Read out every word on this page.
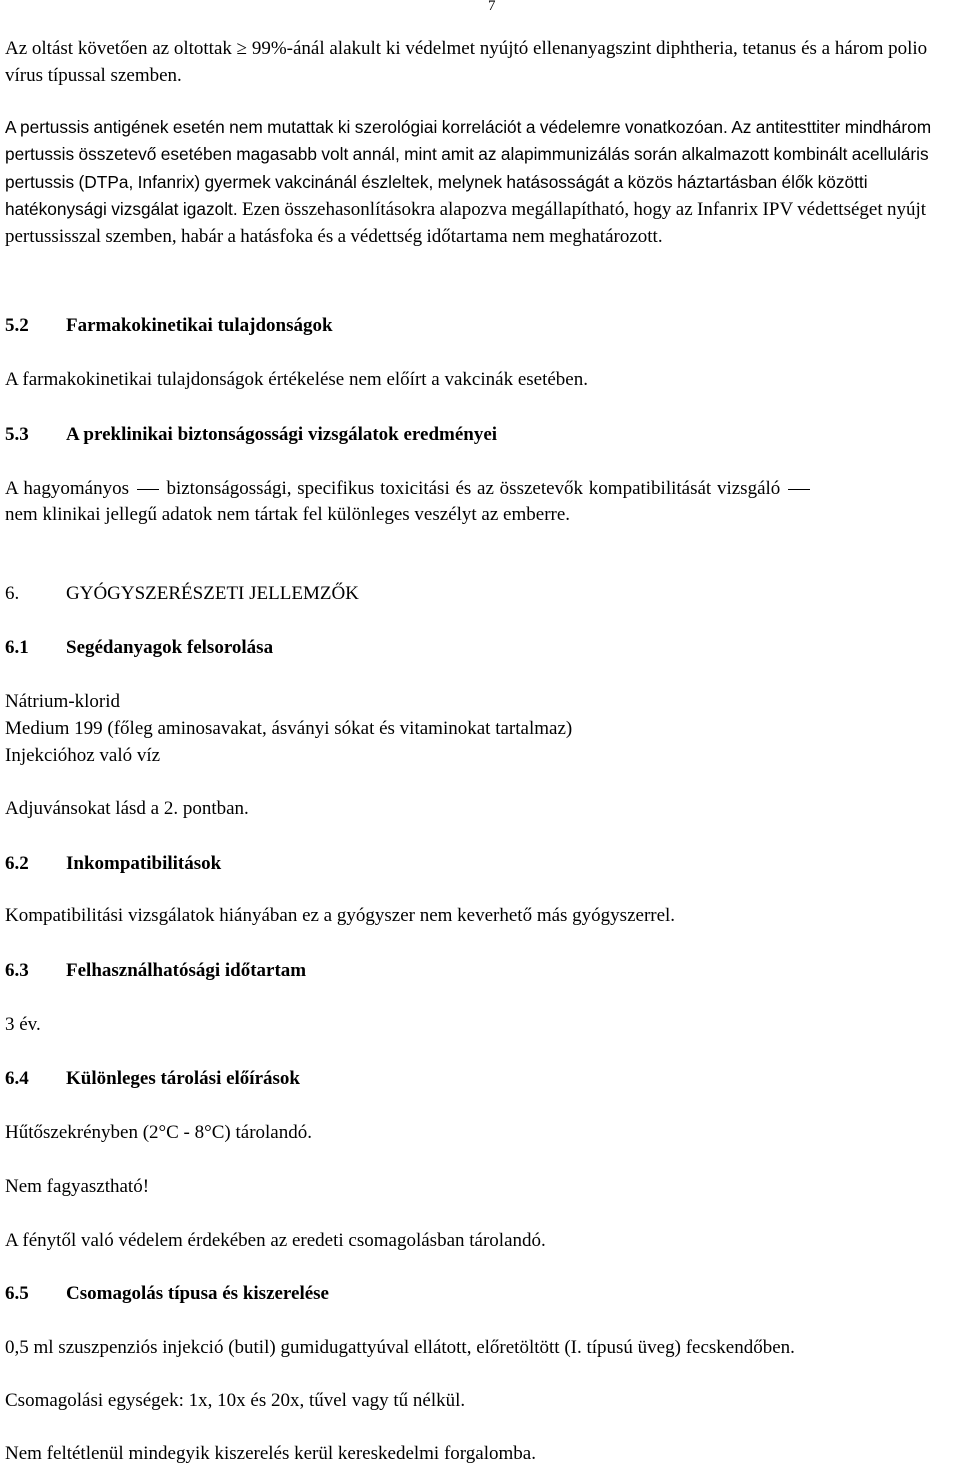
7

Az oltást követően az oltottak ≥ 99%-ánál alakult ki védelmet nyújtó ellenanyagszint diphtheria, tetanus és a három polio vírus típussal szemben.

A pertussis antigének esetén nem mutattak ki szerológiai korrelációt a védelemre vonatkozóan. Az antitesttiter mindhárom pertussis összetevő esetében magasabb volt annál, mint amit az alapimmunizálás során alkalmazott kombinált acelluláris pertussis (DTPa, Infanrix) gyermek vakcinánál észleltek, melynek hatásosságát a közös háztartásban élők közötti hatékonysági vizsgálat igazolt. Ezen összehasonlításokra alapozva megállapítható, hogy az Infanrix IPV védettséget nyújt pertussisszal szemben, habár a hatásfoka és a védettség időtartama nem meghatározott.

5.2 Farmakokinetikai tulajdonságok

A farmakokinetikai tulajdonságok értékelése nem előírt a vakcinák esetében.

5.3 A preklinikai biztonságossági vizsgálatok eredményei

A hagyományos biztonságossági, specifikus toxicitási és az összetevők kompatibilitását vizsgáló

nem klinikai jellegű adatok nem tártak fel különleges veszélyt az emberre.

6. GYÓGYSZERÉSZETI JELLEMZŐK
6.1 Segédanyagok felsorolása

Nátrium-klorid

Medium 199 (főleg aminosavakat, ásványi sókat és vitaminokat tartalmaz)

Injekcióhoz való víz

Adjuvánsokat lásd a 2. pontban.

6.2 Inkompatibilitások

Kompatibilitási vizsgálatok hiányában ez a gyógyszer nem keverhető más gyógyszerrel.

6.3 Felhasználhatósági időtartam

3 év.

6.4 Különleges tárolási előírások

Hűtőszekrényben (2°C - 8°C) tárolandó.

Nem fagyasztható!

A fénytől való védelem érdekében az eredeti csomagolásban tárolandó.

6.5 Csomagolás típusa és kiszerelése

0,5 ml szuszpenziós injekció (butil) gumidugattyúval ellátott, előretöltött (I. típusú üveg) fecskendőben.

Csomagolási egységek: 1x, 10x és 20x, tűvel vagy tű nélkül.

Nem feltétlenül mindegyik kiszerelés kerül kereskedelmi forgalomba.
